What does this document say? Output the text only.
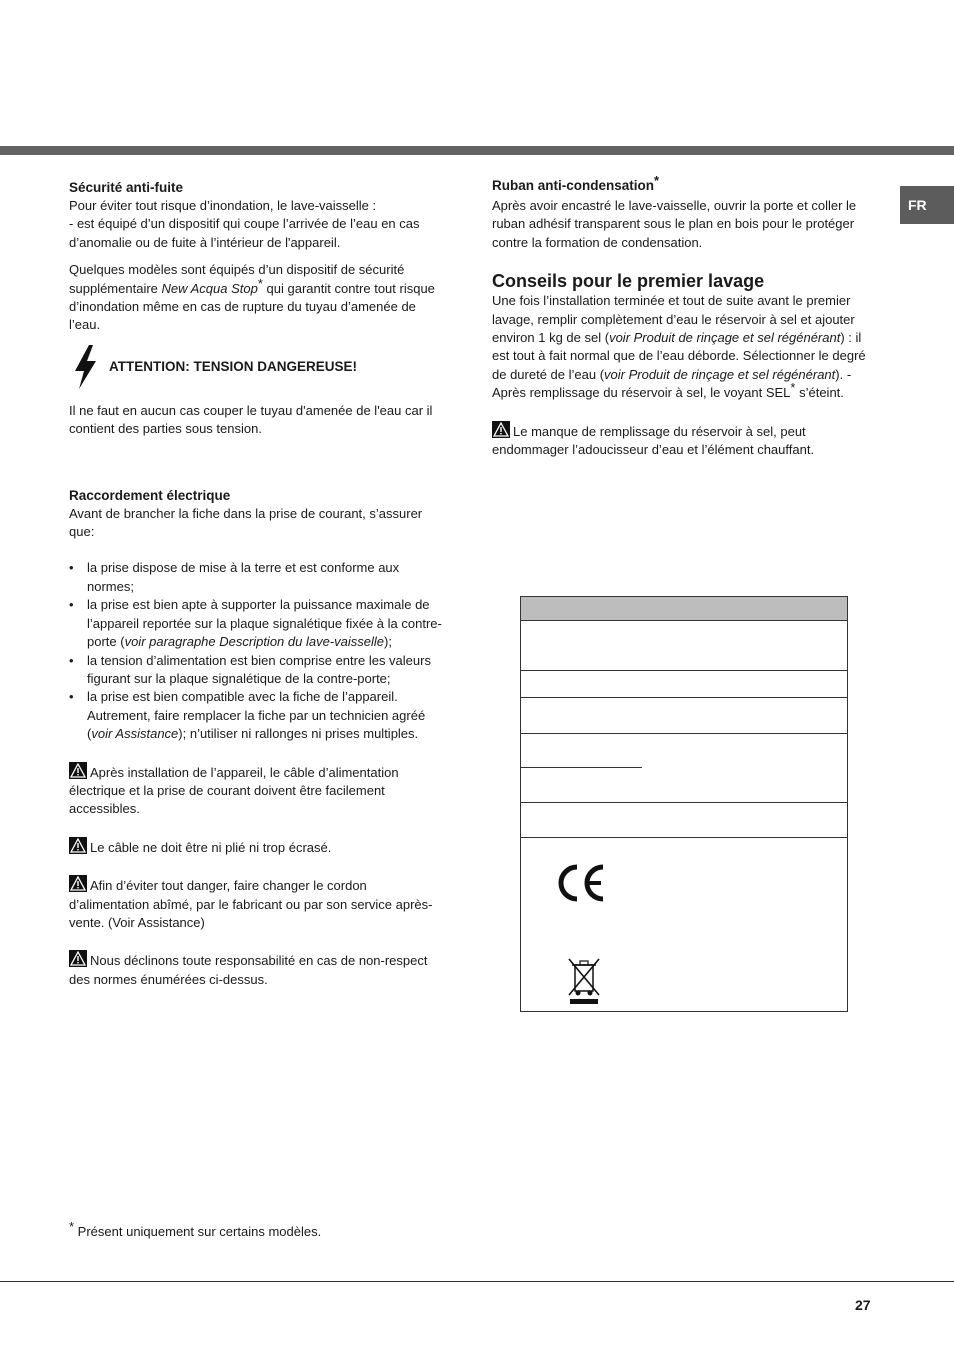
FR

Sécurité anti-fuite

Pour éviter tout risque d’inondation, le lave-vaisselle :

- est équipé d’un dispositif qui coupe l’arrivée de l’eau en cas d’anomalie ou de fuite à l’intérieur de l'appareil.

Quelques modèles sont équipés d’un dispositif de sécurité supplémentaire New Acqua Stop* qui garantit contre tout risque d’inondation même en cas de rupture du tuyau d’amenée de l’eau.

ATTENTION: TENSION DANGEREUSE!

Il ne faut en aucun cas couper le tuyau d'amenée de l'eau car il contient des parties sous tension.

Raccordement électrique

Avant de brancher la fiche dans la prise de courant, s’assurer que:

• la prise dispose de mise à la terre et est conforme aux normes;
• la prise est bien apte à supporter la puissance maximale de l’appareil reportée sur la plaque signalétique fixée à la contre-porte (voir paragraphe Description du lave-vaisselle);
• la tension d’alimentation est bien comprise entre les valeurs figurant sur la plaque signalétique de la contre-porte;
• la prise est bien compatible avec la fiche de l’appareil. Autrement, faire remplacer la fiche par un technicien agréé (voir Assistance); n’utiliser ni rallonges ni prises multiples.

Après installation de l’appareil, le câble d’alimentation électrique et la prise de courant doivent être facilement accessibles.

Le câble ne doit être ni plié ni trop écrasé.

Afin d’éviter tout danger, faire changer le cordon d’alimentation abîmé, par le fabricant ou par son service après-vente. (Voir Assistance)

Nous déclinons toute responsabilité en cas de non-respect des normes énumérées ci-dessus.

Ruban anti-condensation*

Après avoir encastré le lave-vaisselle, ouvrir la porte et coller le ruban adhésif transparent sous le plan en bois pour le protéger contre la formation de condensation.

Conseils pour le premier lavage

Une fois l’installation terminée et tout de suite avant le premier lavage, remplir complètement d’eau le réservoir à sel et ajouter environ 1 kg de sel (voir Produit de rinçage et sel régénérant) : il est tout à fait normal que de l’eau déborde. Sélectionner le degré de dureté de l’eau (voir Produit de rinçage et sel régénérant). - Après remplissage du réservoir à sel, le voyant SEL* s’éteint.

Le manque de remplissage du réservoir à sel, peut endommager l’adoucisseur d’eau et l’élément chauffant.

* Présent uniquement sur certains modèles.

27
